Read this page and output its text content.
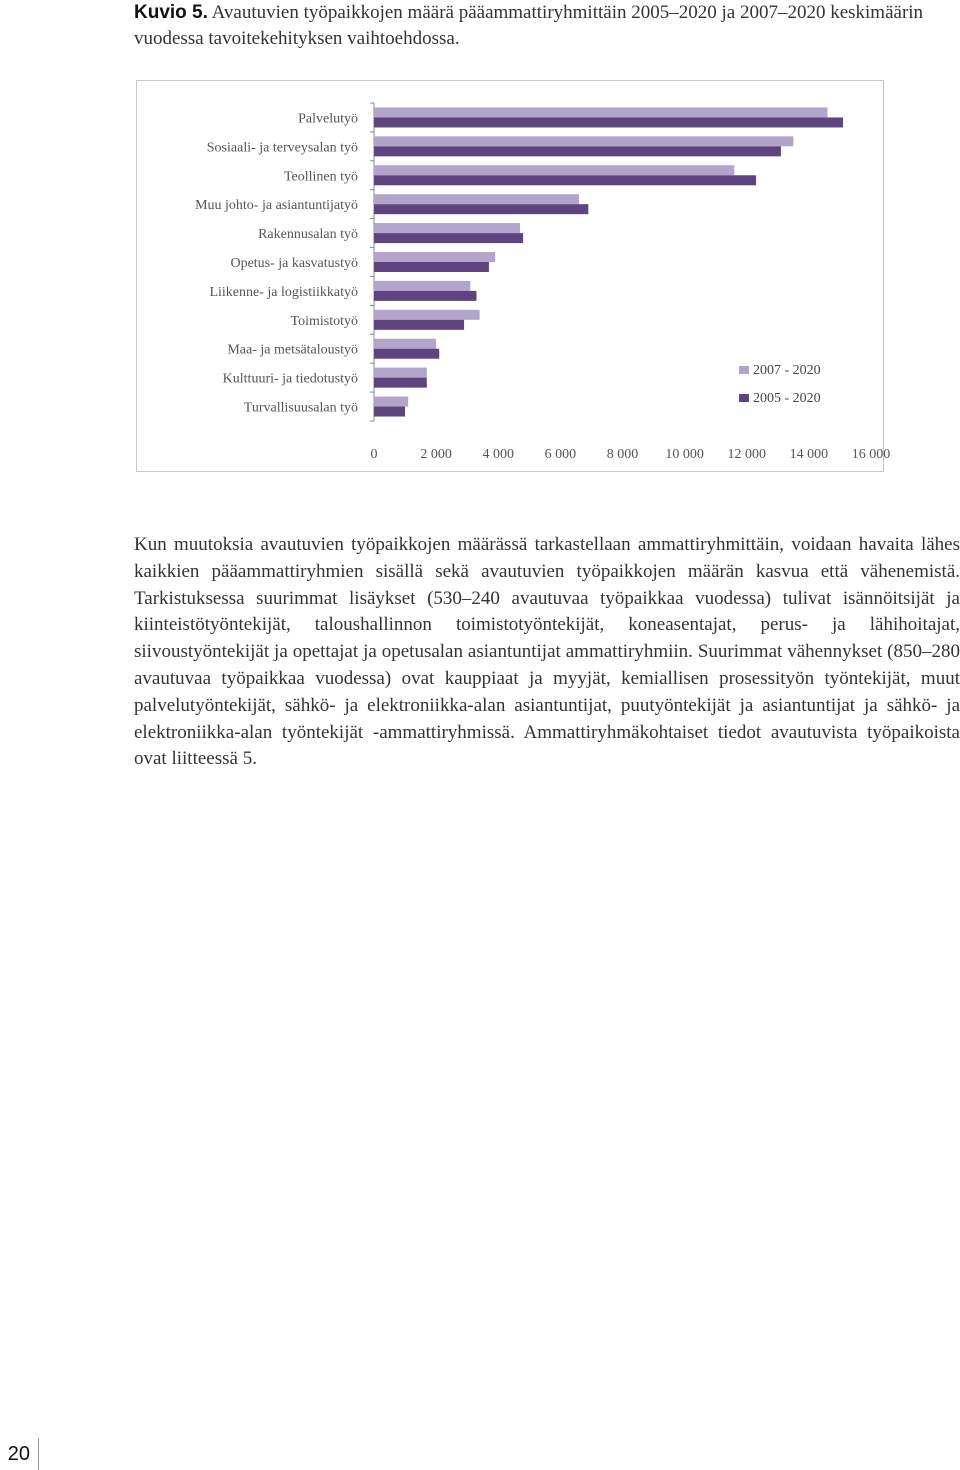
Kuvio 5. Avautuvien työpaikkojen määrä pääammattiryhmittäin 2005–2020 ja 2007–2020 keskimäärin vuodessa tavoitekehityksen vaihtoehdossa.
Palvelutyö
Sosiaali- ja terveysalan työ
Teollinen työ
Muu johto- ja asiantuntijatyö
Rakennusalan työ
Opetus- ja kasvatustyö
Liikenne- ja logistiikkatyö
Toimistotyö
Maa- ja metsätaloustyö
Kulttuuri- ja tiedotustyö
Turvallisuusalan työ
0	2 000 4 000 6 000 8 000 10 000 12 000 14 000 16 000
2007 - 2020
2005 - 2020

Kun muutoksia avautuvien työpaikkojen määrässä tarkastellaan ammattiryhmittäin, voidaan havaita lähes kaikkien pääammattiryhmien sisällä sekä avautuvien työpaikkojen määrän kasvua että vähenemistä. Tarkistuksessa suurimmat lisäykset (530–240 avautuvaa työpaikkaa vuodessa) tulivat isännöitsijät ja kiinteistötyöntekijät, taloushallinnon toimistotyöntekijät, koneasentajat, perus- ja lähihoitajat, siivoustyöntekijät ja opettajat ja opetusalan asiantuntijat ammattiryhmiin. Suurimmat vähennykset (850–280 avautuvaa työpaikkaa vuodessa) ovat kauppiaat ja myyjät, kemiallisen prosessityön työntekijät, muut palvelutyöntekijät, sähkö- ja elektroniikka-alan asiantuntijat, puutyöntekijät ja asiantuntijat ja sähkö- ja elektroniikka-alan työntekijät -ammattiryhmissä. Ammattiryhmäkohtaiset tiedot avautuvista työpaikoista ovat liitteessä 5.

20
